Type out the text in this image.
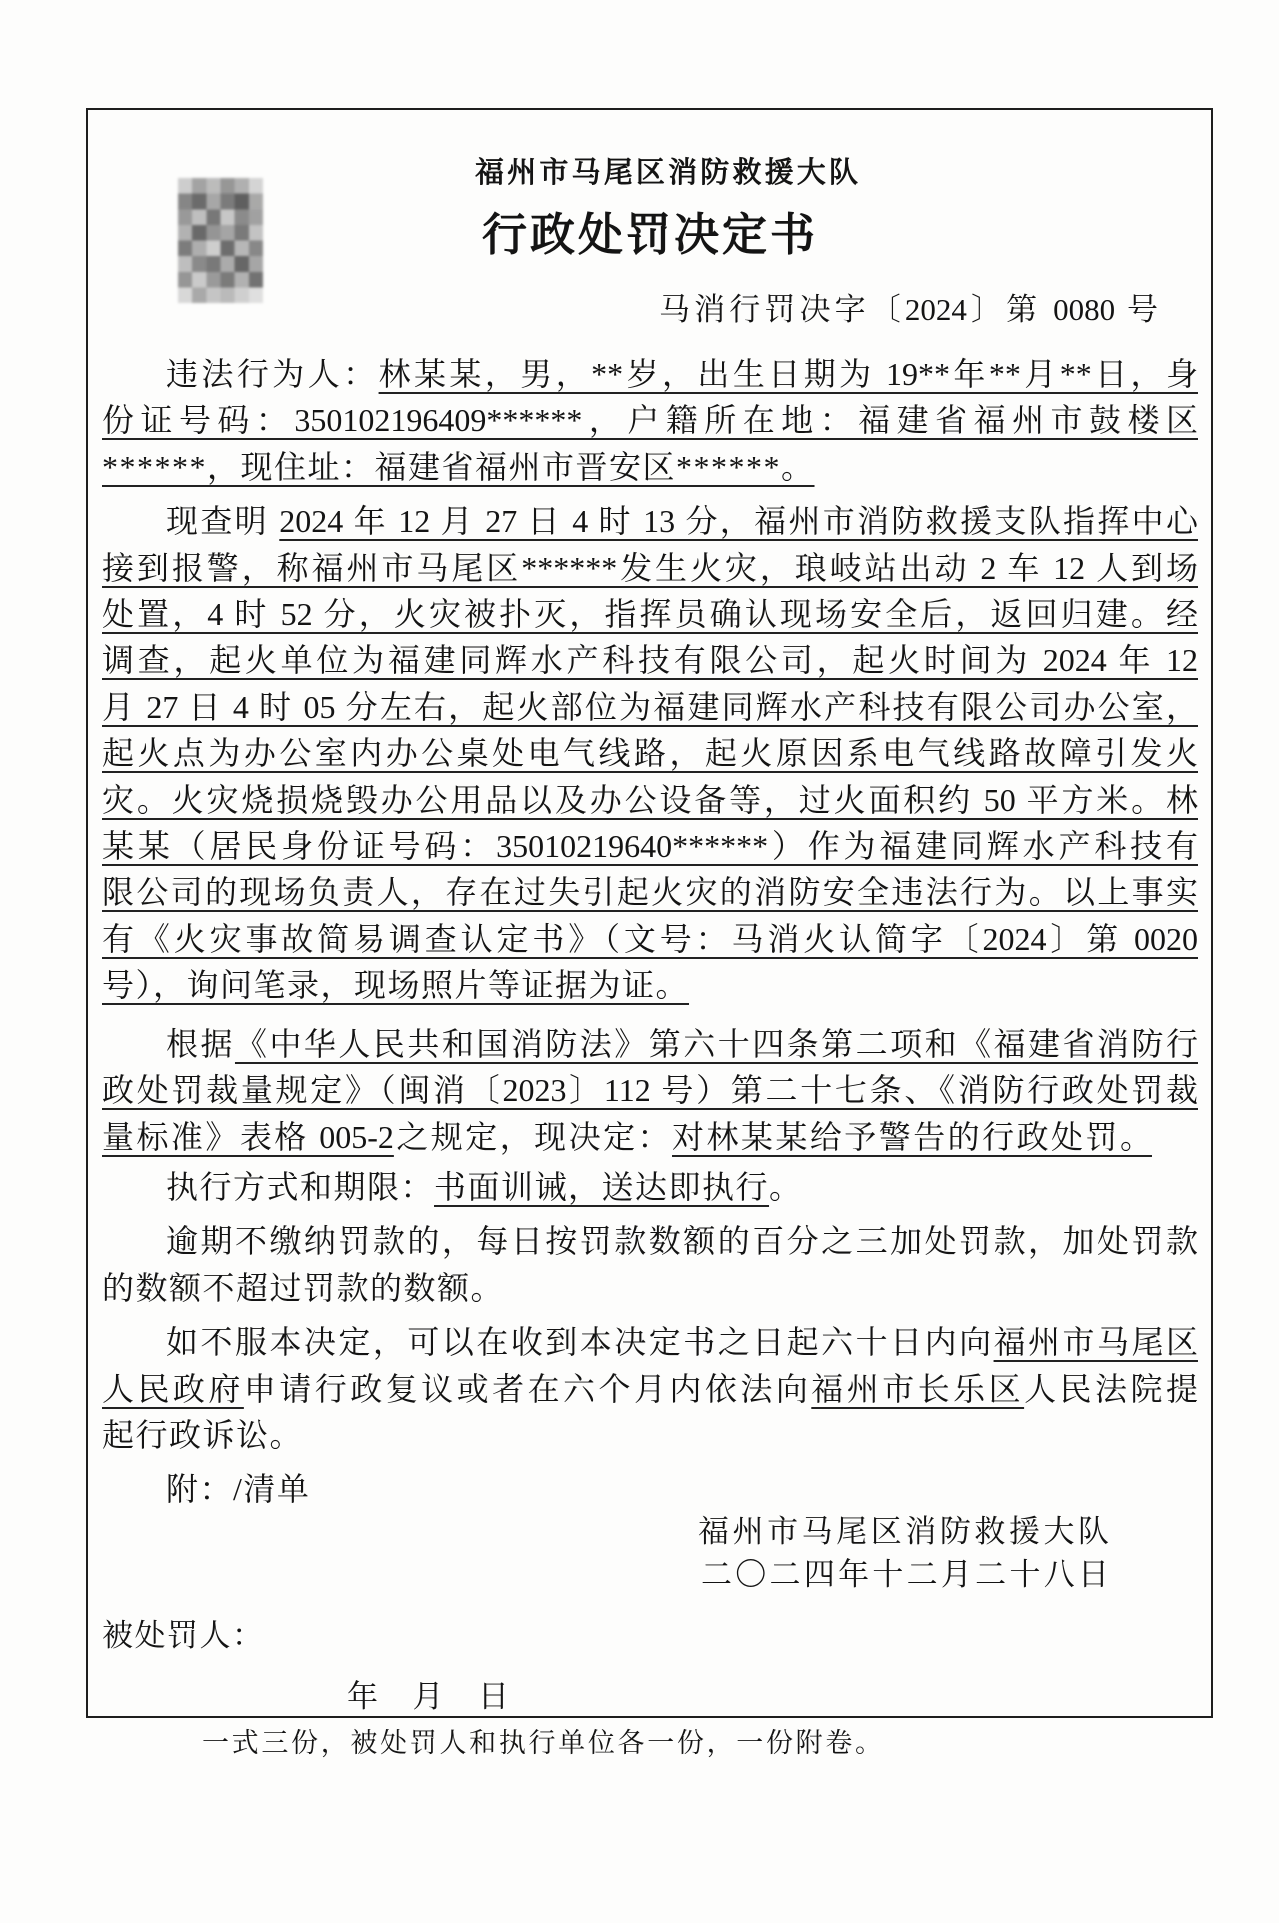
福州市马尾区消防救援大队
行政处罚决定书
马消行罚决字〔2024〕第 0080 号
违法行为人：林某某，男，**岁，出生日期为 19**年**月**日，身
份证号码：350102196409******，户籍所在地：福建省福州市鼓楼区
******，现住址：福建省福州市晋安区******。
现查明 2024 年 12 月 27 日 4 时 13 分，福州市消防救援支队指挥中心
接到报警，称福州市马尾区******发生火灾，琅岐站出动 2 车 12 人到场
处置，4 时 52 分，火灾被扑灭，指挥员确认现场安全后，返回归建。经
调查，起火单位为福建同辉水产科技有限公司，起火时间为 2024 年 12
月 27 日 4 时 05 分左右，起火部位为福建同辉水产科技有限公司办公室，
起火点为办公室内办公桌处电气线路，起火原因系电气线路故障引发火
灾。火灾烧损烧毁办公用品以及办公设备等，过火面积约 50 平方米。林
某某（居民身份证号码：35010219640******）作为福建同辉水产科技有
限公司的现场负责人，存在过失引起火灾的消防安全违法行为。以上事实
有《火灾事故简易调查认定书》（文号：马消火认简字〔2024〕第 0020
号），询问笔录，现场照片等证据为证。
根据《中华人民共和国消防法》第六十四条第二项和《福建省消防行
政处罚裁量规定》（闽消〔2023〕112 号）第二十七条、《消防行政处罚裁
量标准》表格 005-2之规定，现决定：对林某某给予警告的行政处罚。
执行方式和期限：书面训诫，送达即执行。
逾期不缴纳罚款的，每日按罚款数额的百分之三加处罚款，加处罚款
的数额不超过罚款的数额。
如不服本决定，可以在收到本决定书之日起六十日内向福州市马尾区
人民政府申请行政复议或者在六个月内依法向福州市长乐区人民法院提
起行政诉讼。
附：/清单
福州市马尾区消防救援大队
二〇二四年十二月二十八日
被处罚人：
年 月 日
一式三份，被处罚人和执行单位各一份，一份附卷。
